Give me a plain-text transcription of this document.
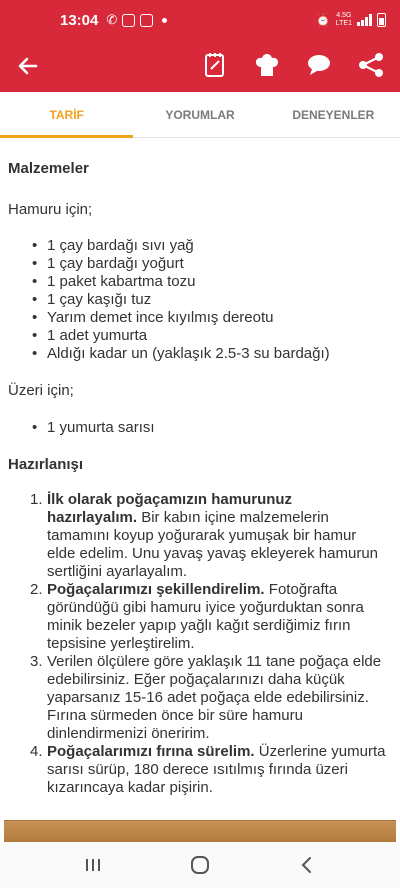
13:04 ✆	⏰ 4.5G
LTE1
TARİF	YORUMLAR	DENEYENLER
Malzemeler
Hamuru için;
• 1 çay bardağı sıvı yağ
• 1 çay bardağı yoğurt
• 1 paket kabartma tozu
• 1 çay kaşığı tuz
• Yarım demet ince kıyılmış dereotu
• 1 adet yumurta
• Aldığı kadar un (yaklaşık 2.5-3 su bardağı)
Üzeri için;
• 1 yumurta sarısı
Hazırlanışı
1. İlk olarak poğaçamızın hamurunuz hazırlayalım. Bir kabın içine malzemelerin tamamını koyup yoğurarak yumuşak bir hamur elde edelim. Unu yavaş yavaş ekleyerek hamurun sertliğini ayarlayalım.
2. Poğaçalarımızı şekillendirelim. Fotoğrafta göründüğü gibi hamuru iyice yoğurduktan sonra minik bezeler yapıp yağlı kağıt serdiğimiz fırın tepsisine yerleştirelim.
3. Verilen ölçülere göre yaklaşık 11 tane poğaça elde edebilirsiniz. Eğer poğaçalarınızı daha küçük yaparsanız 15-16 adet poğaça elde edebilirsiniz. Fırına sürmeden önce bir süre hamuru dinlendirmenizi öneririm.
4. Poğaçalarımızı fırına sürelim. Üzerlerine yumurta sarısı sürüp, 180 derece ısıtılmış fırında üzeri kızarıncaya kadar pişirin.
